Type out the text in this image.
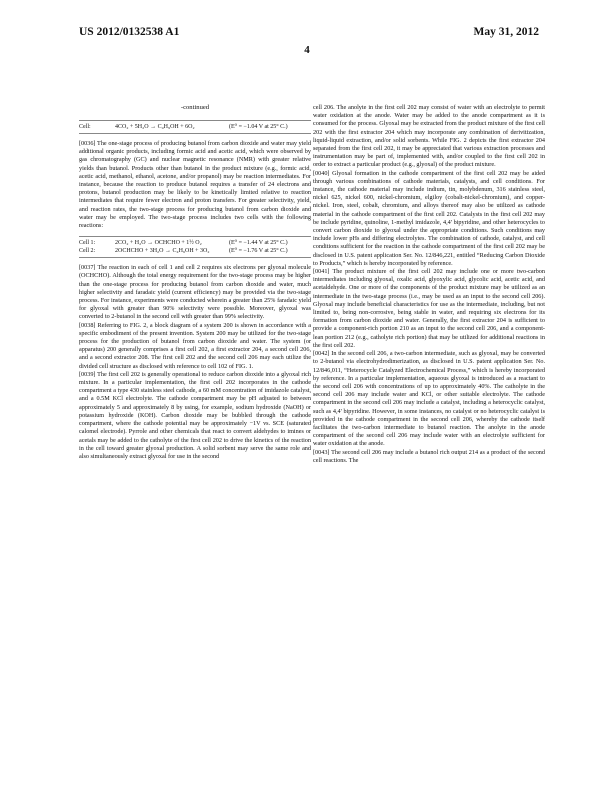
US 2012/0132538 A1	May 31, 2012
4
-continued
Cell:	4CO₂ + 5H₂O → C₄H₉OH + 6O₂	(E⁰ = −1.04 V at 25° C.)

[0036] The one-stage process of producing butanol from carbon dioxide and water may yield additional organic products, including formic acid and acetic acid, which were observed by gas chromatography (GC) and nuclear magnetic resonance (NMR) with greater relative yields than butanol. Products other than butanol in the product mixture (e.g., formic acid, acetic acid, methanol, ethanol, acetone, and/or propanol) may be reaction intermediates. For instance, because the reaction to produce butanol requires a transfer of 24 electrons and protons, butanol production may be likely to be kinetically limited relative to reaction intermediates that require fewer electron and proton transfers. For greater selectivity, yield, and reaction rates, the two-stage process for producing butanol from carbon dioxide and water may be employed. The two-stage process includes two cells with the following reactions:

Cell 1:	2CO₂ + H₂O → OCHCHO + 1½ O₂	(E⁰ = −1.44 V at 25° C.)
Cell 2:	2OCHCHO + 3H₂O → C₄H₉OH + 3O₂	(E⁰ = −1.76 V at 25° C.)

[0037] The reaction in each of cell 1 and cell 2 requires six electrons per glyoxal molecule (OCHCHO). Although the total energy requirement for the two-stage process may be higher than the one-stage process for producing butanol from carbon dioxide and water, much higher selectivity and faradaic yield (current efficiency) may be provided via the two-stage process. For instance, experiments were conducted wherein a greater than 25% faradaic yield for glyoxal with greater than 90% selectivity were possible. Moreover, glyoxal was converted to 2-butanol in the second cell with greater than 99% selectivity.

[0038] Referring to FIG. 2, a block diagram of a system 200 is shown in accordance with a specific embodiment of the present invention. System 200 may be utilized for the two-stage process for the production of butanol from carbon dioxide and water. The system (or apparatus) 200 generally comprises a first cell 202, a first extractor 204, a second cell 206, and a second extractor 208. The first cell 202 and the second cell 206 may each utilize the divided cell structure as disclosed with reference to cell 102 of FIG. 1.

[0039] The first cell 202 is generally operational to reduce carbon dioxide into a glyoxal rich mixture. In a particular implementation, the first cell 202 incorporates in the cathode compartment a type 430 stainless steel cathode, a 60 mM concentration of imidazole catalyst, and a 0.5M KCl electrolyte. The cathode compartment may be pH adjusted to between approximately 5 and approximately 8 by using, for example, sodium hydroxide (NaOH) or potassium hydroxide (KOH). Carbon dioxide may be bubbled through the cathode compartment, where the cathode potential may be approximately −1V vs. SCE (saturated calomel electrode). Pyrrole and other chemicals that react to convert aldehydes to imines or acetals may be added to the catholyte of the first cell 202 to drive the kinetics of the reaction in the cell toward greater glyoxal production. A solid sorbent may serve the same role and also simultaneously extract glyoxal for use in the second

cell 206. The anolyte in the first cell 202 may consist of water with an electrolyte to permit water oxidation at the anode. Water may be added to the anode compartment as it is consumed for the process. Glyoxal may be extracted from the product mixture of the first cell 202 with the first extractor 204 which may incorporate any combination of derivitization, liquid-liquid extraction, and/or solid sorbents. While FIG. 2 depicts the first extractor 204 separated from the first cell 202, it may be appreciated that various extraction processes and instrumentation may be part of, implemented with, and/or coupled to the first cell 202 in order to extract a particular product (e.g., glyoxal) of the product mixture.

[0040] Glyoxal formation in the cathode compartment of the first cell 202 may be aided through various combinations of cathode materials, catalysts, and cell conditions. For instance, the cathode material may include indium, tin, molybdenum, 316 stainless steel, nickel 625, nickel 600, nickel-chromium, elgiloy (cobalt-nickel-chromium), and copper-nickel. Iron, steel, cobalt, chromium, and alloys thereof may also be utilized as cathode material in the cathode compartment of the first cell 202. Catalysts in the first cell 202 may be include pyridine, quinoline, 1-methyl imidazole, 4,4' bipyridine, and other heterocycles to convert carbon dioxide to glyoxal under the appropriate conditions. Such conditions may include lower pHs and differing electrolytes. The combination of cathode, catalyst, and cell conditions sufficient for the reaction in the cathode compartment of the first cell 202 may be disclosed in U.S. patent application Ser. No. 12/846,221, entitled “Reducing Carbon Dioxide to Products,” which is hereby incorporated by reference.

[0041] The product mixture of the first cell 202 may include one or more two-carbon intermediates including glyoxal, oxalic acid, glyoxylic acid, glycolic acid, acetic acid, and acetaldehyde. One or more of the components of the product mixture may be utilized as an intermediate in the two-stage process (i.e., may be used as an input to the second cell 206). Glyoxal may include beneficial characteristics for use as the intermediate, including, but not limited to, being non-corrosive, being stable in water, and requiring six electrons for its formation from carbon dioxide and water. Generally, the first extractor 204 is sufficient to provide a component-rich portion 210 as an input to the second cell 206, and a component-lean portion 212 (e.g., catholyte rich portion) that may be utilized for additional reactions in the first cell 202.

[0042] In the second cell 206, a two-carbon intermediate, such as glyoxal, may be converted to 2-butanol via electrohydrodimerization, as disclosed in U.S. patent application Ser. No. 12/846,011, “Heterocycle Catalyzed Electrochemical Process,” which is hereby incorporated by reference. In a particular implementation, aqueous glyoxal is introduced as a reactant to the second cell 206 with concentrations of up to approximately 40%. The catholyte in the second cell 206 may include water and KCl, or other suitable electrolyte. The cathode compartment in the second cell 206 may include a catalyst, including a heterocyclic catalyst, such as 4,4' bipyridine. However, in some instances, no catalyst or no heterocyclic catalyst is provided in the cathode compartment in the second cell 206, whereby the cathode itself facilitates the two-carbon intermediate to butanol reaction. The anolyte in the anode compartment of the second cell 206 may include water with an electrolyte sufficient for water oxidation at the anode.

[0043] The second cell 206 may include a butanol rich output 214 as a product of the second cell reactions. The
